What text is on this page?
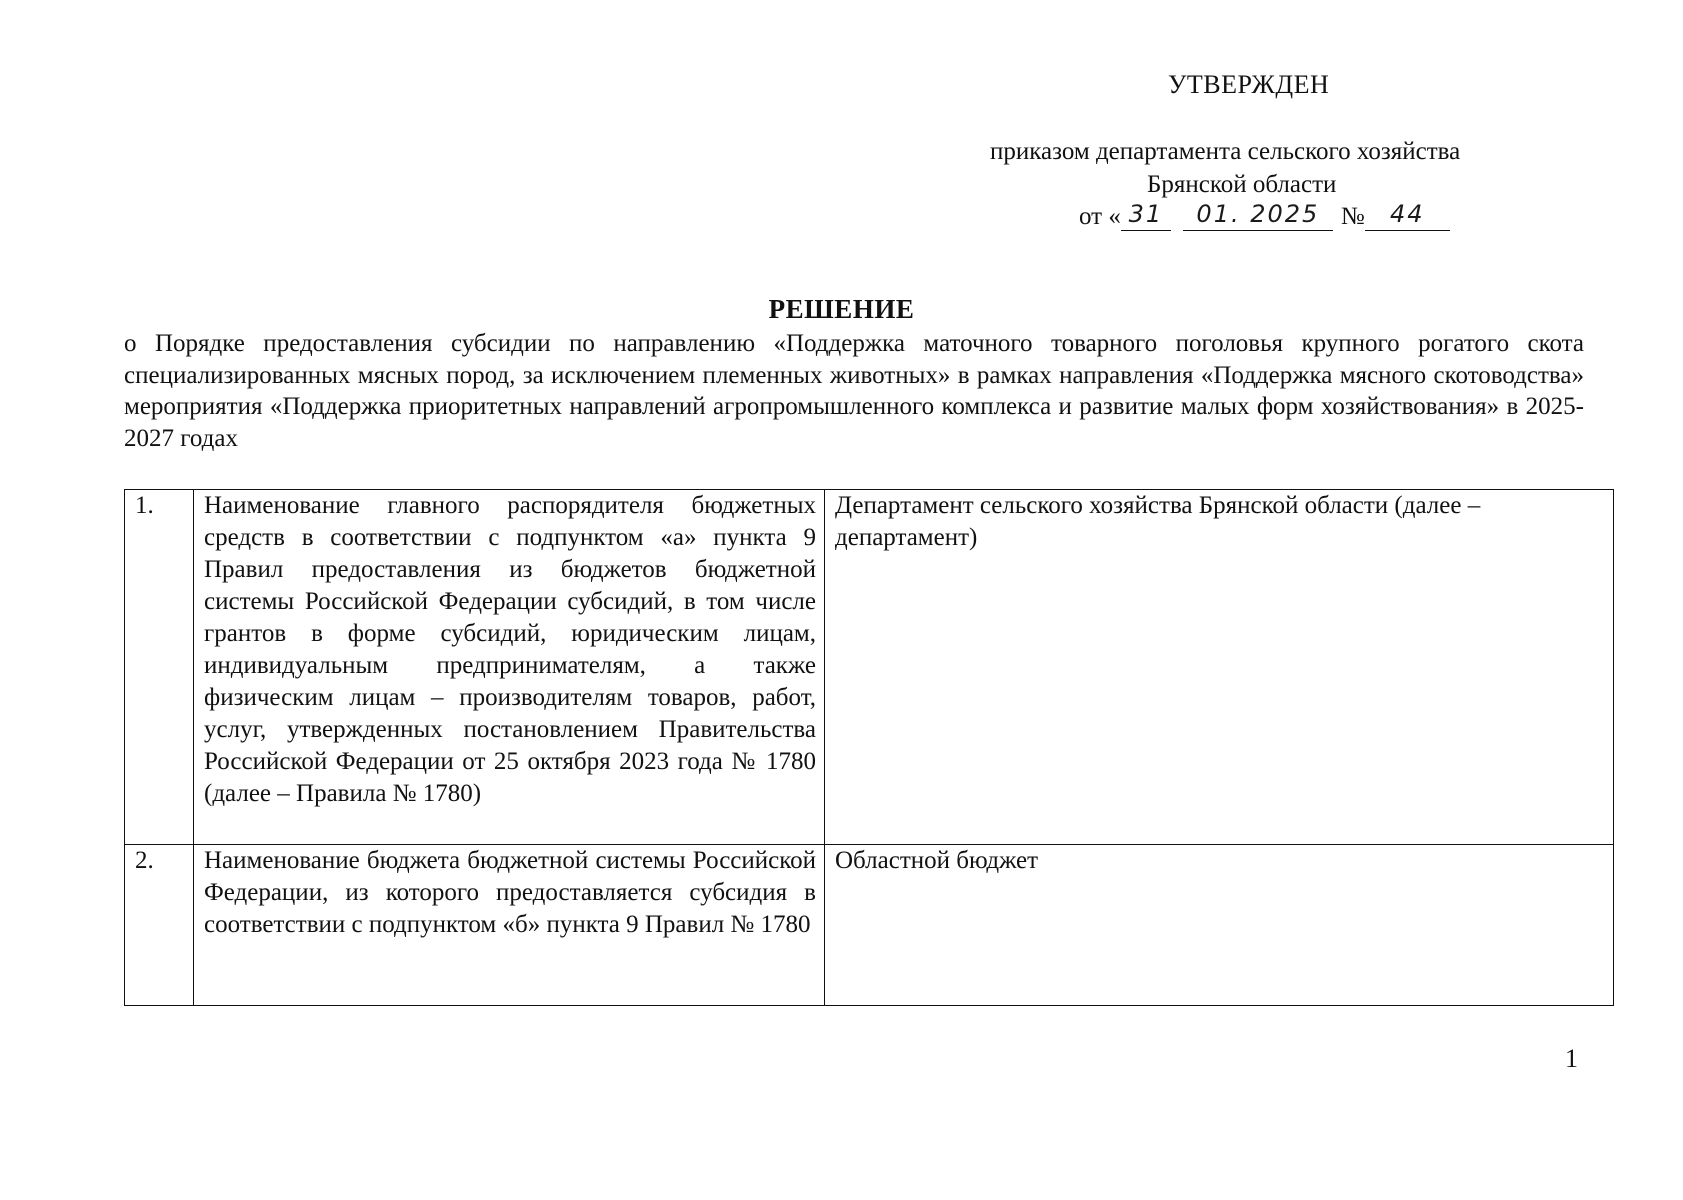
УТВЕРЖДЕН
приказом департамента сельского хозяйства
Брянской области
от « 31 01. 2025 № 44
РЕШЕНИЕ
о Порядке предоставления субсидии по направлению «Поддержка маточного товарного поголовья крупного рогатого скота специализированных мясных пород, за исключением племенных животных» в рамках направления «Поддержка мясного скотоводства» мероприятия «Поддержка приоритетных направлений агропромышленного комплекса и развитие малых форм хозяйствования» в 2025-2027 годах
1.	Наименование главного распорядителя бюджетных средств в соответствии с подпунктом «а» пункта 9 Правил предоставления из бюджетов бюджетной системы Российской Федерации субсидий, в том числе грантов в форме субсидий, юридическим лицам, индивидуальным предпринимателям, а также физическим лицам – производителям товаров, работ, услуг, утвержденных постановлением Правительства Российской Федерации от 25 октября 2023 года № 1780 (далее – Правила № 1780)	Департамент сельского хозяйства Брянской области (далее – департамент)
2.	Наименование бюджета бюджетной системы Российской Федерации, из которого предоставляется субсидия в соответствии с подпунктом «б» пункта 9 Правил № 1780	Областной бюджет
1
